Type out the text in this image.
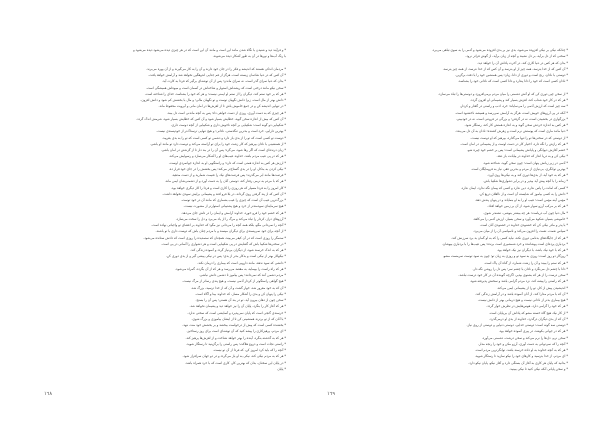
* و فرآیند دید و شنیدن با نگاه شدن مانند این است و مانند آن این است که در هر چیزی دیده می‌شود دیده می‌شود و
با رنگ آب‌ها و نورها در آن به طور آشکار دیده می‌شوند.
* مردمان اندکی هستند که اندیشه و فکر را در جان خود دارند و آن را به کار می‌گیرند و از آن بهره می‌برند.
* آن کس که در دنیا شادمان زیسته است، هرگز از غم جدایی اندوهگین نخواهد شد و آرامش خواهد یافت.
* بدان که دنیا سرای گذر است، نه سرای ماندن؛ پس از آن توشه‌ای برگیر که فردا به کارت آید.
* سخن نیکو مانند درختی است که ریشه‌اش استوار و شاخه‌اش در آسمان است و میوه‌اش همیشگی است.
* هر که بر خود ستم کند، دیگران را از ستم او ایمنی نیست؛ و هر که خود را بشناسد، خدای را شناخته است.
* دانش بهتر از مال است، زیرا دانش نگهبان توست و تو نگهبان مالی؛ و مال با بخشش کم شود و دانش افزون.
* در تنهایی اندیشه کن و در جمع خاموش باش تا از لغزش‌ها در امان مانی و آبرویت محفوظ ماند.
* هر چیزی که به دست آوری، روزی از دست خواهی داد؛ پس به آنچه ماندنی است دل ببند.
* آن کس که بیش از اندازه سخن گوید، خطایش بسیار شود و آن کس که خطایش بسیار شود، شرمش اندک گردد.
* شکیبایی دو گونه است: شکیبایی بر آنچه ناخوش داری و شکیبایی از آنچه دوست داری.
* بهترین دارایی، خرد است و بدترین تنگدستی، نادانی؛ و هیچ تنهایی ترسناک‌تر از خودپسندی نیست.
* دوست تو کسی است که تو را از بدی باز دارد و دشمن تو کسی است که تو را به بدی بفریبد.
* از همنشینی با نادان بپرهیز که کار زشت خود را برای تو آراسته می‌کند و دوست دارد تو مانند او باشی.
* زبان درنده‌ای است که اگر رها شود، می‌گزد؛ پس آن را در بند دار تا از گزندش در امان باشی.
* هر که در پی عیب مردم باشد، خداوند عیب‌های او را آشکار می‌سازد و رسوایش می‌کند.
* ارزش هر کس به اندازه همتی است که دارد؛ و راستگویی او به اندازه جوانمردی اوست.
* نیکی کردن به بدکار، او را در بدی گستاخ‌تر می‌کند؛ پس بخشش را در جای خود قرار ده.
* فرصت‌ها مانند ابر می‌گذرند؛ پس فرصت‌های نیک را غنیمت شمارید و از دست مدهید.
* هر که با مردم به نرمی رفتار کند، دوستی آنان را به دست آورد و از دشمنی‌شان ایمن ماند.
* کار امروز را به فردا مسپار که هر روزی را کاری است و فردا را کار دیگری خواهد بود.
* آن کس که از پند گرفتن روی گرداند، در بلا فرو افتد و پشیمانی برایش سودی نخواهد داشت.
* بزرگ‌ترین عیب آن است که چیزی را عیب بشماری که مانند آن در خود توست.
* هیچ سرمایه‌ای سودمندتر از خرد و هیچ پشتیبانی استوارتر از مشورت نیست.
* هر که خشم خود را فرو خورد، خداوند آرامش و ایمان را در دلش جای می‌دهد.
* آرزوهای دراز، کردار را تباه می‌کند و مرگ را از یاد می‌برد و دل را سخت می‌سازد.
* آنچه را نمی‌دانی مگو، بلکه همه آنچه را می‌دانی نیز مگو؛ که خداوند بر اعضای تو واجباتی نهاده است.
* از آنچه برای خود نمی‌پسندی برای دیگران مپسند و با مردم چنان باش که دوست داری با تو باشند.
* ستمگر را روزی است که در آن کیفر می‌بیند، همچنان که ستمدیده را روزی است که دادش ستانده می‌شود.
* در سختی‌ها شکیبا باش که گشایش در پی شکیبایی است و هر دشواری را آسانی در پی است.
* هر که به اندک خرسند شود، از دیگران بی‌نیاز گردد و آسوده زندگی کند.
* نیکوکار بهتر از نیکی است و بدکار بدتر از بدی؛ پس در نیکی پیشی گیر و از بدی دوری کن.
* دانشی که سود ندهد، مانند دارویی است که بیماری را درمان نکند.
* هر که راه راست را بپیماید، به مقصد می‌رسد و هر که از آن بگردد، گمراه می‌شود.
* مردم دشمن آنند که نمی‌دانند؛ پس بیاموز تا دشمن دانش نباشی.
* هیچ گواهی راستگوتر از کردار آدمی نیست، و هیچ پندی رساتر از مرگ نیست.
* آن که به خود مغرور شد، خوار گشت و آن که از خدا ترسید، بزرگ شد.
* نیکی را پنهان کن و بدی را آشکار مساز، که خداوند بینا و آگاه است.
* سخن چون از دهان بیرون آید، تو در بند آن هستی؛ پس آن را بسنج.
* هر که آغاز کار را بنگرد، پایان آن را نیز خواهد دید و پشیمان نخواهد شد.
* خرسندی گنجی است که پایان نمی‌پذیرد و آسایشی است که سختی ندارد.
* با آنان که از تو برترند همنشینی کن تا از ایشان بیاموزی و بزرگ شوی.
* بخشنده کسی است که پیش از درخواست ببخشد و بر بخشش خود منت ننهد.
* ای مردم، پرهیزکاری را پیشه کنید که آن توشه‌ای است برای روز رستاخیز.
* هر که به گذشته بنگرد، آینده را بهتر خواهد شناخت و از لغزش‌ها پرهیز کند.
* راستی نجات است و دروغ هلاکت؛ پس راستی را برگزینید تا رستگار شوید.
* آنچه را که باید کرد امروز کن، که فردا از آن تو نیست.
* هر که به مردم نیکی کند، نیکی به او باز می‌گردد و در دو جهان سرافراز شود.
* در پایان این سخنان، بدان که بهترین کار، کاری است که با خرد همراه باشد.
* پایان
* چنانکه نیکی بر نیکی افزوده می‌شود، بدی نیز بر بدی افزوده می‌شود و آدمی را به سوی تباهی می‌برد.
* سخنی که از دل برآید، بر دل نشیند و آنچه از زبان برآید، از گوش فراتر نرود.
* بدان که هر کس در دنیا کاری کند، در آخرت پاداش آن را خواهد دید.
* آن کس که از خدا بترسد، همه چیز از او بترسد و آن کس که از خدا نترسد، از همه چیز بترسد.
* دوستی با نادان، رنج است و دوری از دانا، زیان؛ پس همنشین خود را با دقت برگزین.
* نادان کسی است که خود را دانا پندارد و دانا کسی است که نادانی خود را بشناسد.
* از سخن چین دوری کن که او آتش دشمنی را میان مردم برمی‌افروزد و دوستی‌ها را تباه می‌سازد.
* هر که در کار خود شتاب کند، لغزش بسیار کند و پشیمانی او افزون گردد.
* سه چیز است که ارزش آدمی را می‌نمایاند: خرد، ادب و راستی در گفتار و کردار.
* آنکه در پی آرزوهای خویش است، هرگز به آرامش نمی‌رسد و همیشه ناخشنود است.
* بزرگواری در بخشیدن است، نه در گرفتن؛ و بزرگی در فروتنی است، نه در خودبینی.
* هر کس به اندازه خردش سخن گوید و به اندازه همتش کار کند، رستگار شود.
* دنیا مانند ماری است که پوستش نرم است و زهرش کشنده؛ نادان به آن دل می‌بندد.
* از دوستی که در سختی‌ها تو را تنها می‌گذارد، بپرهیز که او دوست نیست.
* هر که رازش را نگه دارد، اختیار کار در دست اوست و از پشیمانی در امان است.
* خشم آغازش دیوانگی و پایانش پشیمانی است؛ پس بر خشم خود چیره شو.
* نیکی کن و به دریا انداز که خداوند در بیابانت باز دهد.
* آدمی در زیر زبانش پنهان است؛ چون سخن گوید، شناخته شود.
* بهترین توانگری، بی‌نیازی از مردم و بدترین فقر، نیاز به فرومایگان است.
* هر که به خود آید، از بدی‌ها دوری کند و به نیکی‌ها روی آورد.
* زمانه را با آنچه پیش آید بپذیر و در برابر دشواری‌ها شکیبا باش.
* کسی که امانت را پاس ندارد، دین ندارد و کسی که پیمان نگه ندارد، ایمان ندارد.
* دانش را به کسی بیاموز که شایسته آن است و از نااهلان دریغ کن.
* مؤمن آینه مؤمن است؛ عیب او را به او بنمایاند و در پنهان پندش دهد.
* هر که بر مرکب آرزو سوار شود، از آن بر زمین خواهد افتاد.
* مال دنیا چون آب دریاست؛ هر چه بیشتر بنوشی، تشنه‌تر شوی.
* خاموشی بسیار، شکوه می‌آورد و سخن بسیار، ارزش آدمی را می‌کاهد.
* با پدر و مادر نیکی کن که خشنودی خداوند در خشنودی آنان است.
* سپاس نعمت، نعمت را افزون می‌کند و ناسپاسی آن را از میان می‌برد.
* هر که از جایگاه‌های بدنامی دوری نکند، نباید کسی را که به او گمان بد برد سرزنش کند.
* بردباری پرده‌ای است پوشاننده و خرد شمشیری است برنده؛ پس عیب‌ها را با بردباری بپوشان.
* هر که با خود نیک باشد، با دیگران نیز نیک خواهد بود.
* روزگار دو روز است: روزی به سود تو و روزی به زیان تو؛ چون به سود توست سرمست مشو.
* هر که ستم را ببیند و آن را زشت شمارد، از گناه آن پاک است.
* دانا با چشم دل می‌نگرد و نادان با چشم سر؛ پس دل را روشن نگه دار.
* سخن درست را از هر که بشنوی بپذیر، اگرچه گوینده آن در کار خود درست نباشد.
* هر که راستی را پیشه کند، نزد مردم گرامی باشد و سخنش پذیرفته شود.
* اندیشیدن پیش از کار، تو را از پشیمانی ایمن می‌کند.
* آن که با مردم مدارا کند، از آنان آسوده باشد و در آرامش زندگی کند.
* هیچ بیماری بدتر از نادانی نیست و هیچ درمانی بهتر از دانش نیست.
* هر که خود را گرامی دارد، هوس‌هایش در نظرش خوار گردد.
* از کار نیک هیچ گاه خسته مشو که پاداش آن بی‌پایان است.
* آن که از بدی دیگران درگذرد، خداوند از بدی او درمی‌گذرد.
* دوستی سه گونه است: دوستی خدایی، دوستی دنیایی و دوستی از روی نیاز.
* هر که در جوانی بکوشد، در پیری آسوده خواهد بود.
* سخن نرم، دل‌ها را نرم می‌کند و سخن درشت، دشمنی می‌آورد.
* آنچه را که نمی‌توانی به دست آوری، آرزو مکن و خود را رنجه مدار.
* هر که به آنچه خداوند به او داده خرسند باشد، توانگرترین مردم است.
* ای مردم، از خدا بترسید و کارهای خود را نیکو سازید تا رستگار شوید.
* بدانید که پایان هر کاری به آغاز آن بستگی دارد و آغاز نیکو، پایان نیکو دارد.
* و سخن پایانی آنکه نیکی کنید تا نیکی ببینید.
١٦٨	١٦٩
